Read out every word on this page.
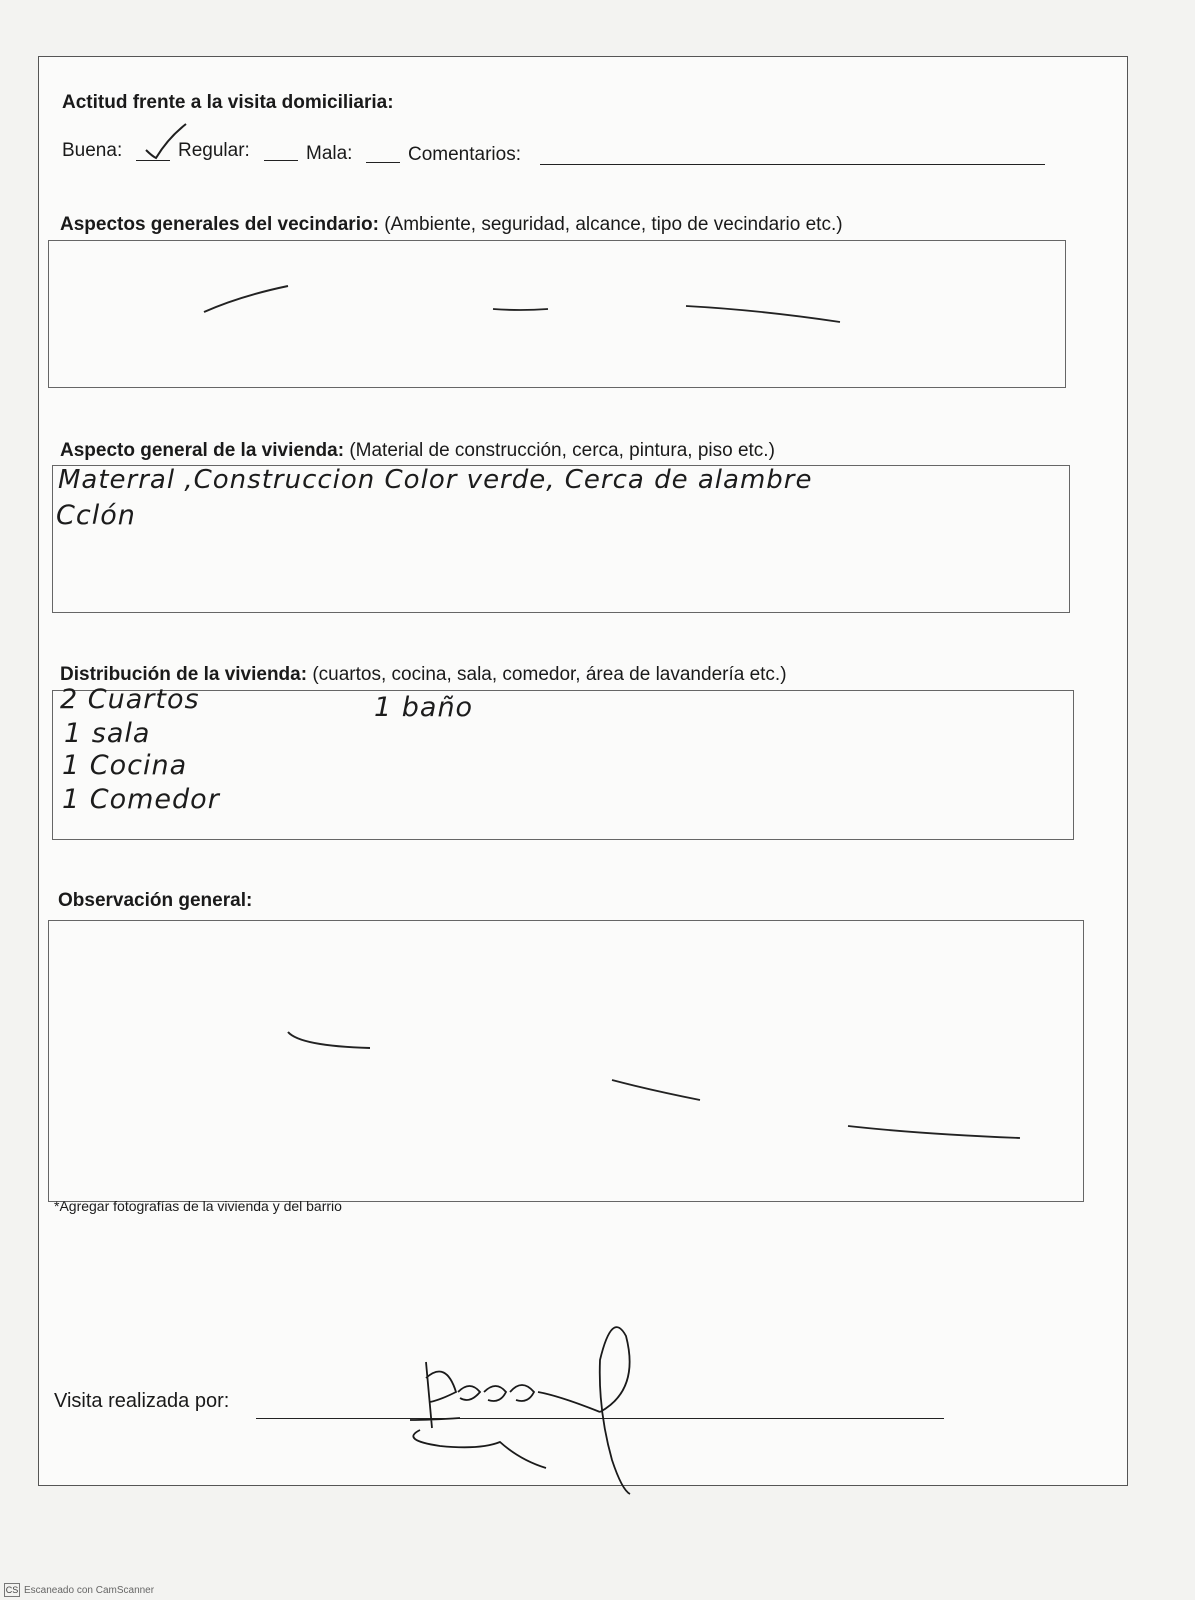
Actitud frente a la visita domiciliaria:
Buena:	Regular:	Mala:	Comentarios:
Aspectos generales del vecindario: (Ambiente, seguridad, alcance, tipo de vecindario etc.)
Aspecto general de la vivienda: (Material de construcción, cerca, pintura, piso etc.)
Materral ,Construccion Color verde, Cerca de alambre
Cclón
Distribución de la vivienda: (cuartos, cocina, sala, comedor, área de lavandería etc.)
2 Cuartos
1 sala
1 Cocina
1 Comedor
1 baño
Observación general:
*Agregar fotografías de la vivienda y del barrio
Visita realizada por:
CS Escaneado con CamScanner
